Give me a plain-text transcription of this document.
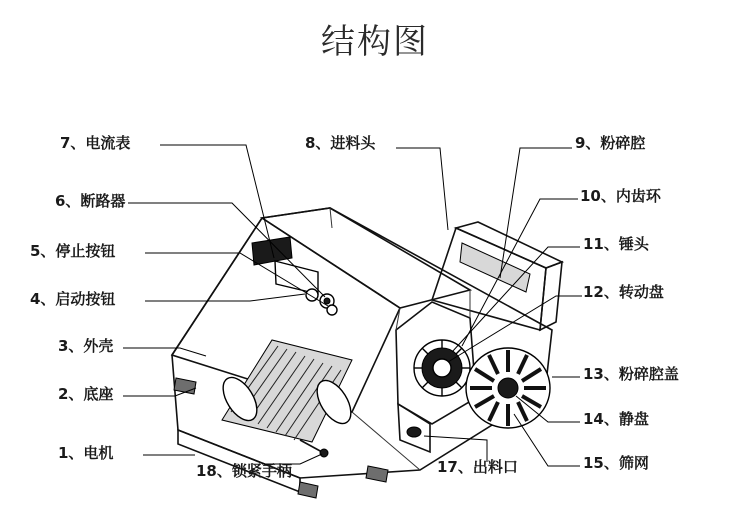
结构图
1、电机
2、底座
3、外壳
4、启动按钮
5、停止按钮
6、断路器
7、电流表	8、进料头	9、粉碎腔
10、内齿环
11、锤头
12、转动盘
13、粉碎腔盖
14、静盘
15、筛网
17、出料口
18、锁紧手柄
